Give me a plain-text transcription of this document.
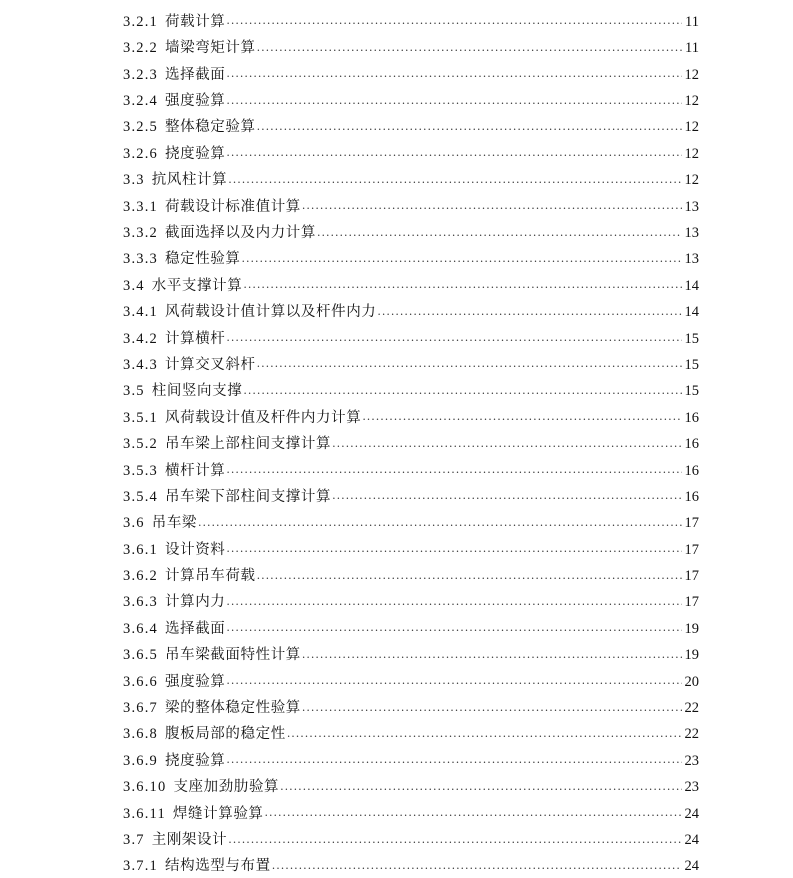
3.2.1 荷载计算 .....	11
3.2.2 墙梁弯矩计算 .....	11
3.2.3 选择截面 .....	12
3.2.4 强度验算 .....	12
3.2.5 整体稳定验算 .....	12
3.2.6 挠度验算 .....	12
3.3 抗风柱计算 .....	12
3.3.1 荷载设计标准值计算 .....	13
3.3.2 截面选择以及内力计算 .....	13
3.3.3 稳定性验算 .....	13
3.4 水平支撑计算 .....	14
3.4.1 风荷载设计值计算以及杆件内力 .....	14
3.4.2 计算横杆 .....	15
3.4.3 计算交叉斜杆 .....	15
3.5 柱间竖向支撑 .....	15
3.5.1 风荷载设计值及杆件内力计算 .....	16
3.5.2 吊车梁上部柱间支撑计算 .....	16
3.5.3 横杆计算 .....	16
3.5.4 吊车梁下部柱间支撑计算 .....	16
3.6 吊车梁 .....	17
3.6.1 设计资料 .....	17
3.6.2 计算吊车荷载 .....	17
3.6.3 计算内力 .....	17
3.6.4 选择截面 .....	19
3.6.5 吊车梁截面特性计算 .....	19
3.6.6 强度验算 .....	20
3.6.7 梁的整体稳定性验算 .....	22
3.6.8 腹板局部的稳定性 .....	22
3.6.9 挠度验算 .....	23
3.6.10 支座加劲肋验算 .....	23
3.6.11 焊缝计算验算 .....	24
3.7 主刚架设计 .....	24
3.7.1 结构选型与布置 .....	24
